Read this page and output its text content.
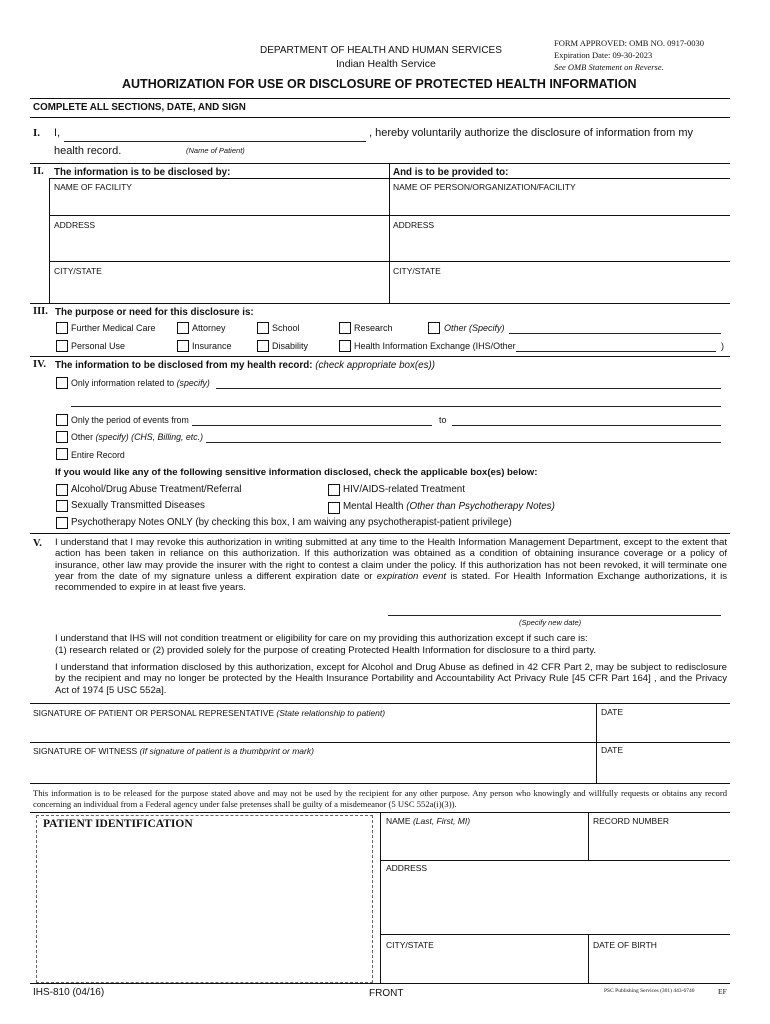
DEPARTMENT OF HEALTH AND HUMAN SERVICES
Indian Health Service
FORM APPROVED: OMB NO. 0917-0030
Expiration Date: 09-30-2023
See OMB Statement on Reverse.
AUTHORIZATION FOR USE OR DISCLOSURE OF PROTECTED HEALTH INFORMATION
COMPLETE ALL SECTIONS, DATE, AND SIGN
I. I,	, hereby voluntarily authorize the disclosure of information from my
health record.	(Name of Patient)
II. The information is to be disclosed by:	And is to be provided to:
NAME OF FACILITY	NAME OF PERSON/ORGANIZATION/FACILITY
ADDRESS	ADDRESS
CITY/STATE	CITY/STATE
III. The purpose or need for this disclosure is:
Further Medical Care	Attorney	School	Research	Other (Specify)
Personal Use	Insurance	Disability	Health Information Exchange (IHS/Other	)
IV. The information to be disclosed from my health record: (check appropriate box(es))
Only information related to (specify)
Only the period of events from	to
Other (specify) (CHS, Billing, etc.)
Entire Record
If you would like any of the following sensitive information disclosed, check the applicable box(es) below:
Alcohol/Drug Abuse Treatment/Referral	HIV/AIDS-related Treatment
Sexually Transmitted Diseases	Mental Health (Other than Psychotherapy Notes)
Psychotherapy Notes ONLY (by checking this box, I am waiving any psychotherapist-patient privilege)
V. I understand that I may revoke this authorization in writing submitted at any time to the Health Information Management Department, except to the extent that action has been taken in reliance on this authorization. If this authorization was obtained as a condition of obtaining insurance coverage or a policy of insurance, other law may provide the insurer with the right to contest a claim under the policy. If this authorization has not been revoked, it will terminate one year from the date of my signature unless a different expiration date or expiration event is stated. For Health Information Exchange authorizations, it is recommended to expire in at least five years.
(Specify new date)
I understand that IHS will not condition treatment or eligibility for care on my providing this authorization except if such care is:
(1) research related or (2) provided solely for the purpose of creating Protected Health Information for disclosure to a third party.
I understand that information disclosed by this authorization, except for Alcohol and Drug Abuse as defined in 42 CFR Part 2, may be subject to redisclosure by the recipient and may no longer be protected by the Health Insurance Portability and Accountability Act Privacy Rule [45 CFR Part 164] , and the Privacy Act of 1974 [5 USC 552a].
SIGNATURE OF PATIENT OR PERSONAL REPRESENTATIVE (State relationship to patient)	DATE
SIGNATURE OF WITNESS (If signature of patient is a thumbprint or mark)	DATE
This information is to be released for the purpose stated above and may not be used by the recipient for any other purpose. Any person who knowingly and willfully requests or obtains any record concerning an individual from a Federal agency under false pretenses shall be guilty of a misdemeanor (5 USC 552a(i)(3)).
PATIENT IDENTIFICATION	NAME (Last, First, MI)	RECORD NUMBER
ADDRESS
CITY/STATE	DATE OF BIRTH
IHS-810 (04/16)	FRONT	PSC Publishing Services (301) 443-6740	EF
